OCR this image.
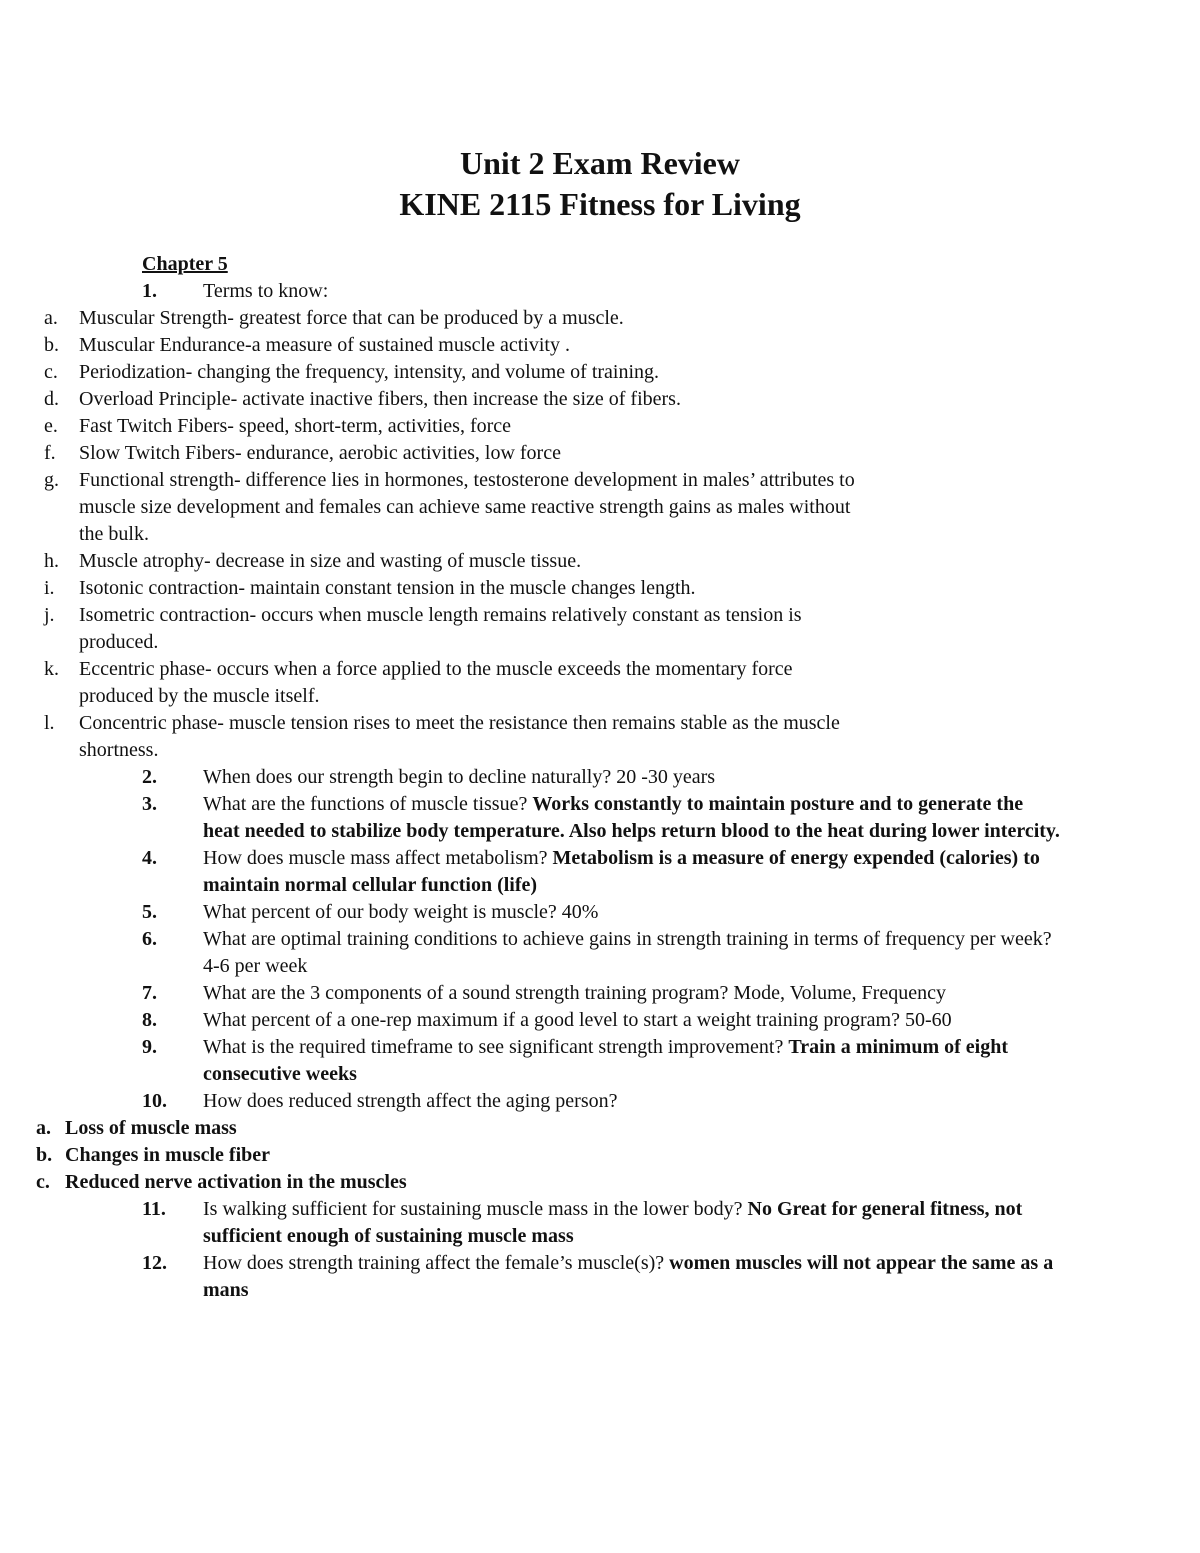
Unit 2 Exam Review
KINE 2115 Fitness for Living
Chapter 5
1.	Terms to know:
a.	Muscular Strength- greatest force that can be produced by a muscle.
b.	Muscular Endurance-a measure of sustained muscle activity .
c.	Periodization- changing the frequency, intensity, and volume of training.
d.	Overload Principle- activate inactive fibers, then increase the size of fibers.
e.	Fast Twitch Fibers- speed, short-term, activities, force
f.	Slow Twitch Fibers- endurance, aerobic activities, low force
g.	Functional strength- difference lies in hormones, testosterone development in males’ attributes to muscle size development and females can achieve same reactive strength gains as males without the bulk.
h.	Muscle atrophy- decrease in size and wasting of muscle tissue.
i.	Isotonic contraction- maintain constant tension in the muscle changes length.
j.	Isometric contraction- occurs when muscle length remains relatively constant as tension is produced.
k.	Eccentric phase- occurs when a force applied to the muscle exceeds the momentary force produced by the muscle itself.
l.	Concentric phase- muscle tension rises to meet the resistance then remains stable as the muscle shortness.
2.	When does our strength begin to decline naturally? 20 -30 years
3.	What are the functions of muscle tissue? Works constantly to maintain posture and to generate the heat needed to stabilize body temperature. Also helps return blood to the heat during lower intercity.
4.	How does muscle mass affect metabolism? Metabolism is a measure of energy expended (calories) to maintain normal cellular function (life)
5.	What percent of our body weight is muscle? 40%
6.	What are optimal training conditions to achieve gains in strength training in terms of frequency per week? 4-6 per week
7.	What are the 3 components of a sound strength training program? Mode, Volume, Frequency
8.	What percent of a one-rep maximum if a good level to start a weight training program? 50-60
9.	What is the required timeframe to see significant strength improvement? Train a minimum of eight consecutive weeks
10.	How does reduced strength affect the aging person?
a. Loss of muscle mass
b. Changes in muscle fiber
c. Reduced nerve activation in the muscles
11.	Is walking sufficient for sustaining muscle mass in the lower body? No Great for general fitness, not sufficient enough of sustaining muscle mass
12.	How does strength training affect the female’s muscle(s)? women muscles will not appear the same as a mans
